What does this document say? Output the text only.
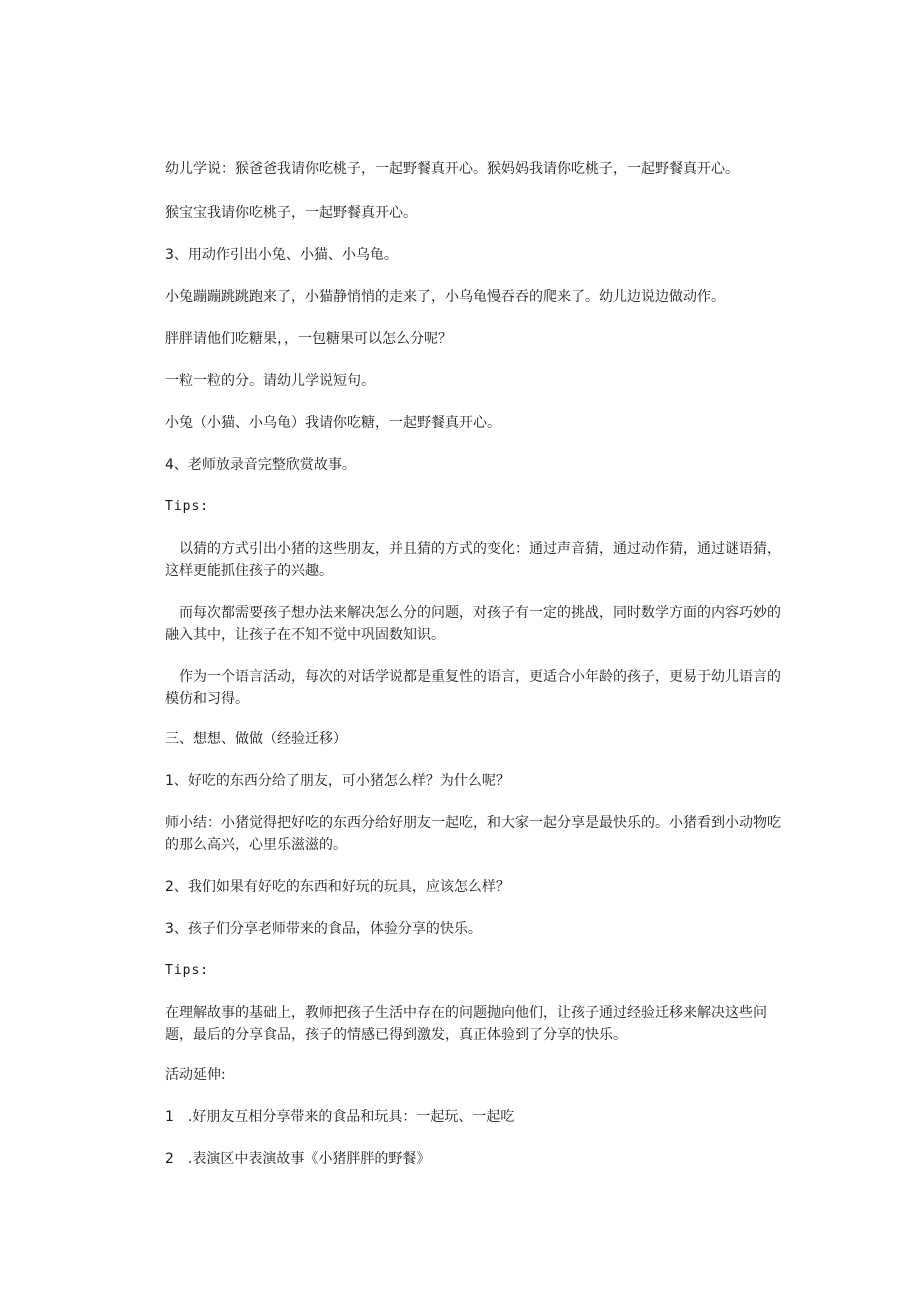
幼儿学说：猴爸爸我请你吃桃子，一起野餐真开心。猴妈妈我请你吃桃子，一起野餐真开心。

猴宝宝我请你吃桃子，一起野餐真开心。

3、用动作引出小兔、小猫、小乌龟。

小兔蹦蹦跳跳跑来了，小猫静悄悄的走来了，小乌龟慢吞吞的爬来了。幼儿边说边做动作。

胖胖请他们吃糖果，，一包糖果可以怎么分呢？

一粒一粒的分。请幼儿学说短句。

小兔（小猫、小乌龟）我请你吃糖，一起野餐真开心。

4、老师放录音完整欣赏故事。

Tips:

以猜的方式引出小猪的这些朋友，并且猜的方式的变化：通过声音猜，通过动作猜，通过谜语猜，这样更能抓住孩子的兴趣。

而每次都需要孩子想办法来解决怎么分的问题，对孩子有一定的挑战，同时数学方面的内容巧妙的融入其中，让孩子在不知不觉中巩固数知识。

作为一个语言活动，每次的对话学说都是重复性的语言，更适合小年龄的孩子，更易于幼儿语言的模仿和习得。

三、想想、做做（经验迁移）

1、好吃的东西分给了朋友，可小猪怎么样？为什么呢？

师小结：小猪觉得把好吃的东西分给好朋友一起吃，和大家一起分享是最快乐的。小猪看到小动物吃的那么高兴，心里乐滋滋的。

2、我们如果有好吃的东西和好玩的玩具，应该怎么样？

3、孩子们分享老师带来的食品，体验分享的快乐。

Tips:

在理解故事的基础上，教师把孩子生活中存在的问题抛向他们，让孩子通过经验迁移来解决这些问题，最后的分享食品，孩子的情感已得到激发，真正体验到了分享的快乐。

活动延伸:

1　.好朋友互相分享带来的食品和玩具：一起玩、一起吃

2　.表演区中表演故事《小猪胖胖的野餐》
